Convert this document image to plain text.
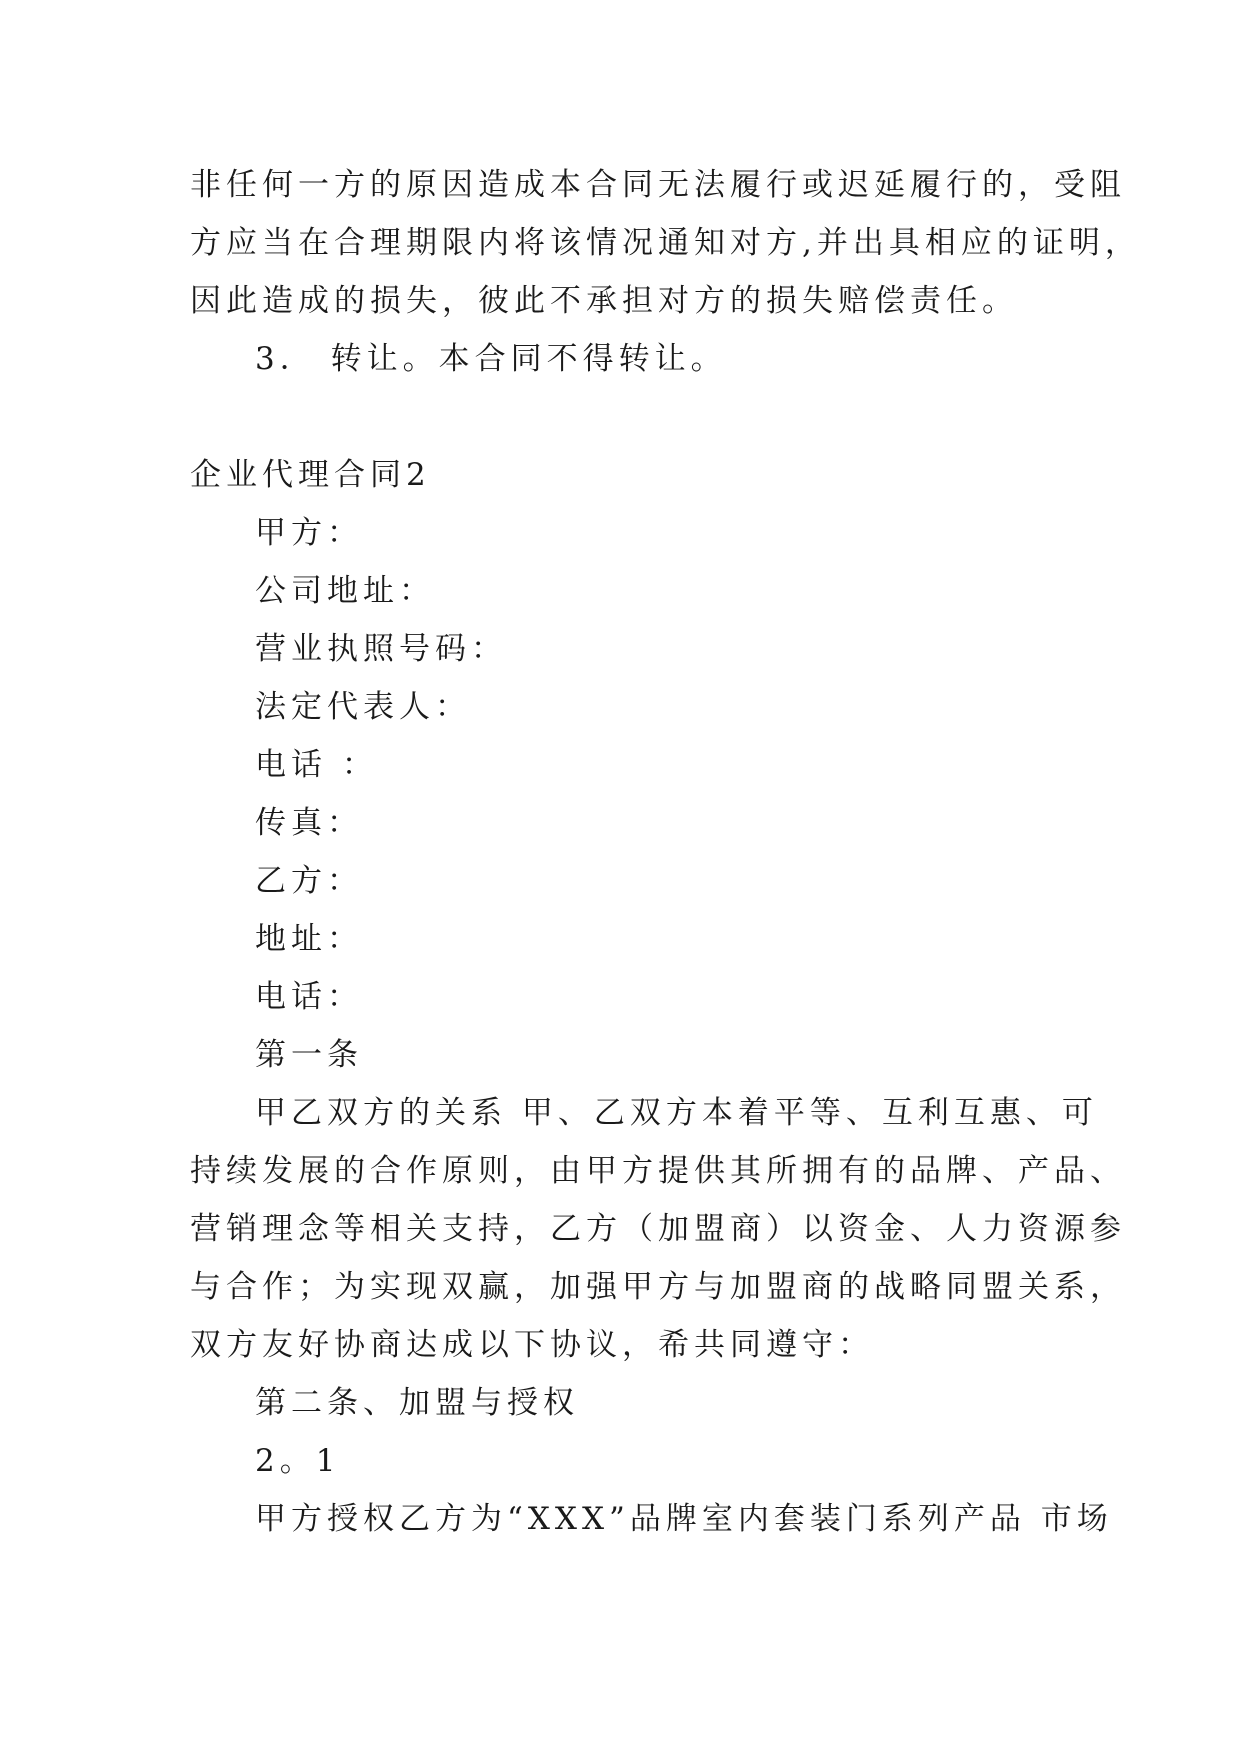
非任何一方的原因造成本合同无法履行或迟延履行的，受阻
方应当在合理期限内将该情况通知对方,并出具相应的证明，
因此造成的损失，彼此不承担对方的损失赔偿责任。
3． 转让。本合同不得转让。
企业代理合同2
甲方：
公司地址：
营业执照号码：
法定代表人：
电话 ：
传真：
乙方：
地址：
电话：
第一条
甲乙双方的关系 甲、乙双方本着平等、互利互惠、可
持续发展的合作原则，由甲方提供其所拥有的品牌、产品、
营销理念等相关支持，乙方（加盟商）以资金、人力资源参
与合作；为实现双赢，加强甲方与加盟商的战略同盟关系，
双方友好协商达成以下协议，希共同遵守：
第二条、加盟与授权
2。1
甲方授权乙方为“XXX”品牌室内套装门系列产品 市场
